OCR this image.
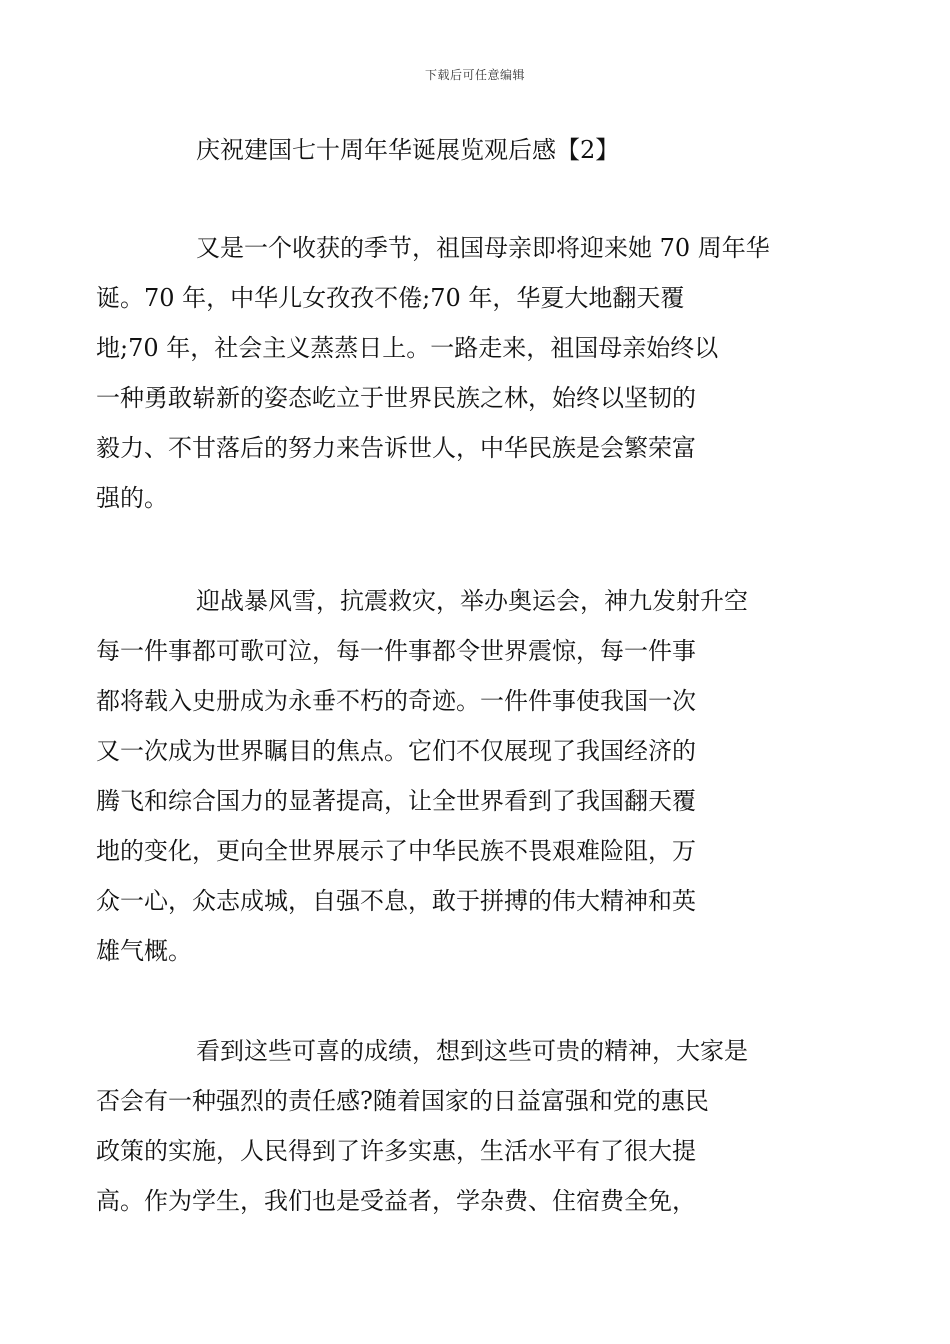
下载后可任意编辑
庆祝建国七十周年华诞展览观后感【2】

又是一个收获的季节，祖国母亲即将迎来她 70 周年华
诞。70 年，中华儿女孜孜不倦;70 年，华夏大地翻天覆
地;70 年，社会主义蒸蒸日上。一路走来，祖国母亲始终以
一种勇敢崭新的姿态屹立于世界民族之林，始终以坚韧的
毅力、不甘落后的努力来告诉世人，中华民族是会繁荣富
强的。

迎战暴风雪，抗震救灾，举办奥运会，神九发射升空
每一件事都可歌可泣，每一件事都令世界震惊，每一件事
都将载入史册成为永垂不朽的奇迹。一件件事使我国一次
又一次成为世界瞩目的焦点。它们不仅展现了我国经济的
腾飞和综合国力的显著提高，让全世界看到了我国翻天覆
地的变化，更向全世界展示了中华民族不畏艰难险阻，万
众一心，众志成城，自强不息，敢于拼搏的伟大精神和英
雄气概。

看到这些可喜的成绩，想到这些可贵的精神，大家是
否会有一种强烈的责任感?随着国家的日益富强和党的惠民
政策的实施，人民得到了许多实惠，生活水平有了很大提
高。作为学生，我们也是受益者，学杂费、住宿费全免，
